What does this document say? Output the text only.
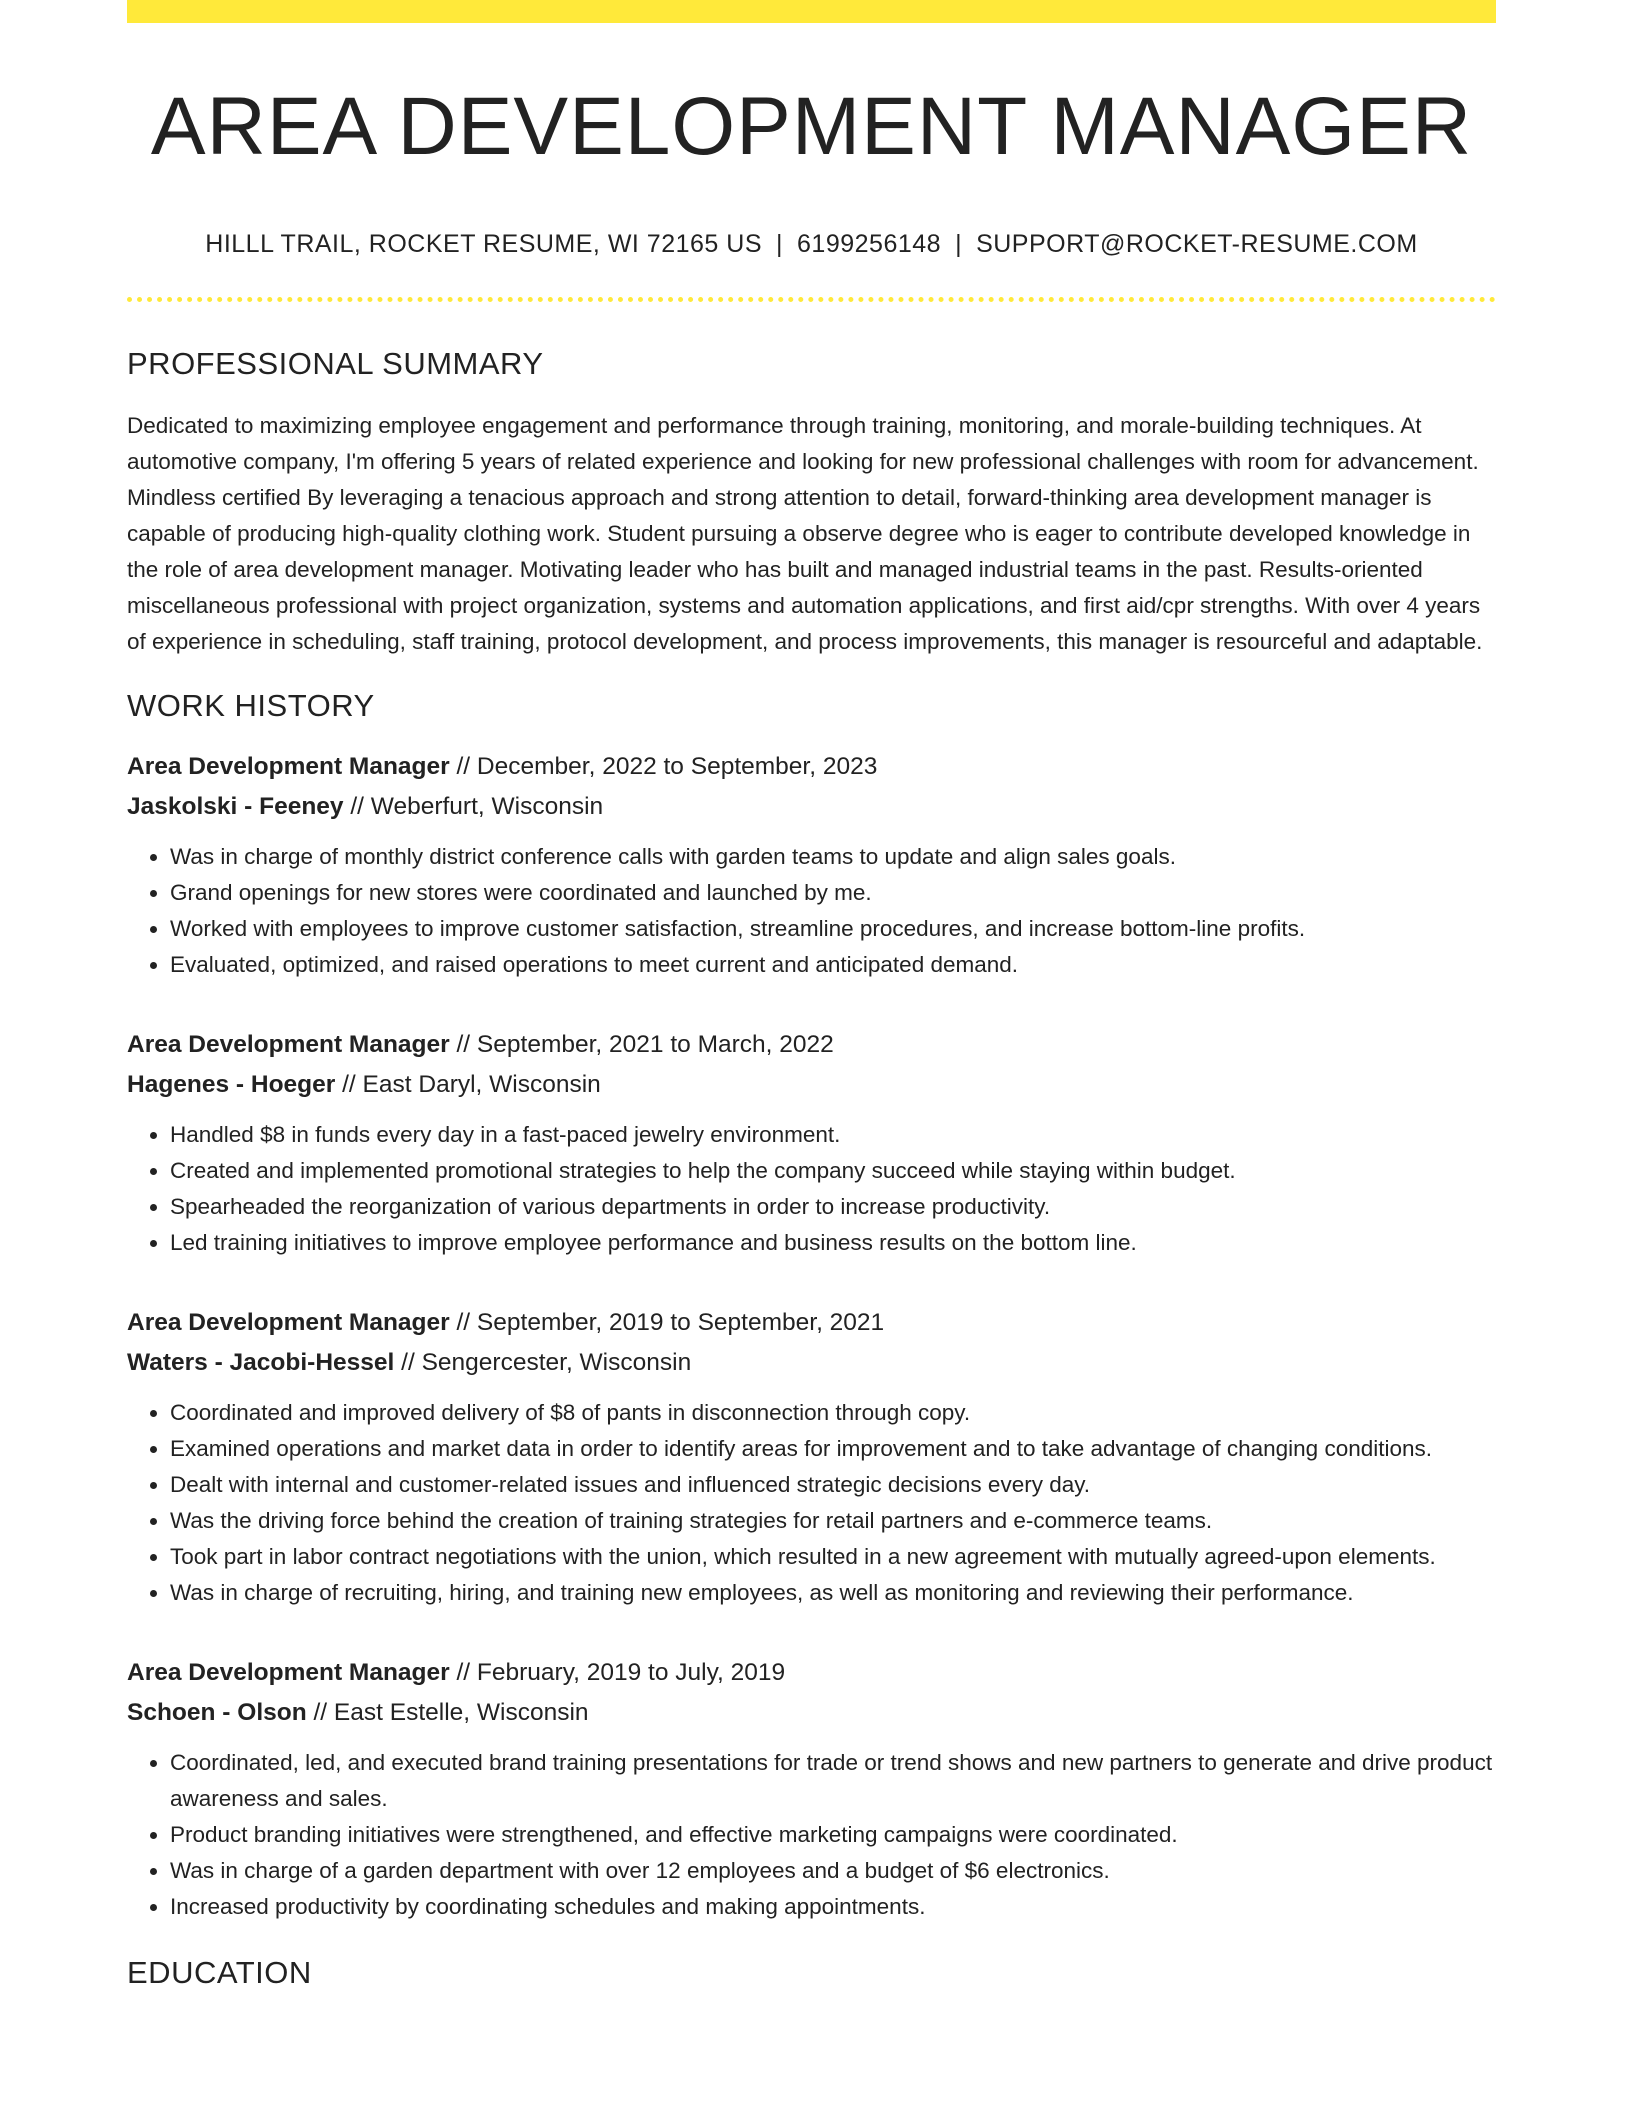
AREA DEVELOPMENT MANAGER
HILLL TRAIL, ROCKET RESUME, WI 72165 US | 6199256148 | SUPPORT@ROCKET-RESUME.COM
PROFESSIONAL SUMMARY

Dedicated to maximizing employee engagement and performance through training, monitoring, and morale-building techniques. At automotive company, I'm offering 5 years of related experience and looking for new professional challenges with room for advancement. Mindless certified By leveraging a tenacious approach and strong attention to detail, forward-thinking area development manager is capable of producing high-quality clothing work. Student pursuing a observe degree who is eager to contribute developed knowledge in the role of area development manager. Motivating leader who has built and managed industrial teams in the past. Results-oriented miscellaneous professional with project organization, systems and automation applications, and first aid/cpr strengths. With over 4 years of experience in scheduling, staff training, protocol development, and process improvements, this manager is resourceful and adaptable.

WORK HISTORY
Area Development Manager // December, 2022 to September, 2023
Jaskolski - Feeney // Weberfurt, Wisconsin
• Was in charge of monthly district conference calls with garden teams to update and align sales goals.
• Grand openings for new stores were coordinated and launched by me.
• Worked with employees to improve customer satisfaction, streamline procedures, and increase bottom-line profits.
• Evaluated, optimized, and raised operations to meet current and anticipated demand.
Area Development Manager // September, 2021 to March, 2022
Hagenes - Hoeger // East Daryl, Wisconsin
• Handled $8 in funds every day in a fast-paced jewelry environment.
• Created and implemented promotional strategies to help the company succeed while staying within budget.
• Spearheaded the reorganization of various departments in order to increase productivity.
• Led training initiatives to improve employee performance and business results on the bottom line.
Area Development Manager // September, 2019 to September, 2021
Waters - Jacobi-Hessel // Sengercester, Wisconsin
• Coordinated and improved delivery of $8 of pants in disconnection through copy.
• Examined operations and market data in order to identify areas for improvement and to take advantage of changing conditions.
• Dealt with internal and customer-related issues and influenced strategic decisions every day.
• Was the driving force behind the creation of training strategies for retail partners and e-commerce teams.
• Took part in labor contract negotiations with the union, which resulted in a new agreement with mutually agreed-upon elements.
• Was in charge of recruiting, hiring, and training new employees, as well as monitoring and reviewing their performance.
Area Development Manager // February, 2019 to July, 2019
Schoen - Olson // East Estelle, Wisconsin
• Coordinated, led, and executed brand training presentations for trade or trend shows and new partners to generate and drive product awareness and sales.
• Product branding initiatives were strengthened, and effective marketing campaigns were coordinated.
• Was in charge of a garden department with over 12 employees and a budget of $6 electronics.
• Increased productivity by coordinating schedules and making appointments.
EDUCATION
